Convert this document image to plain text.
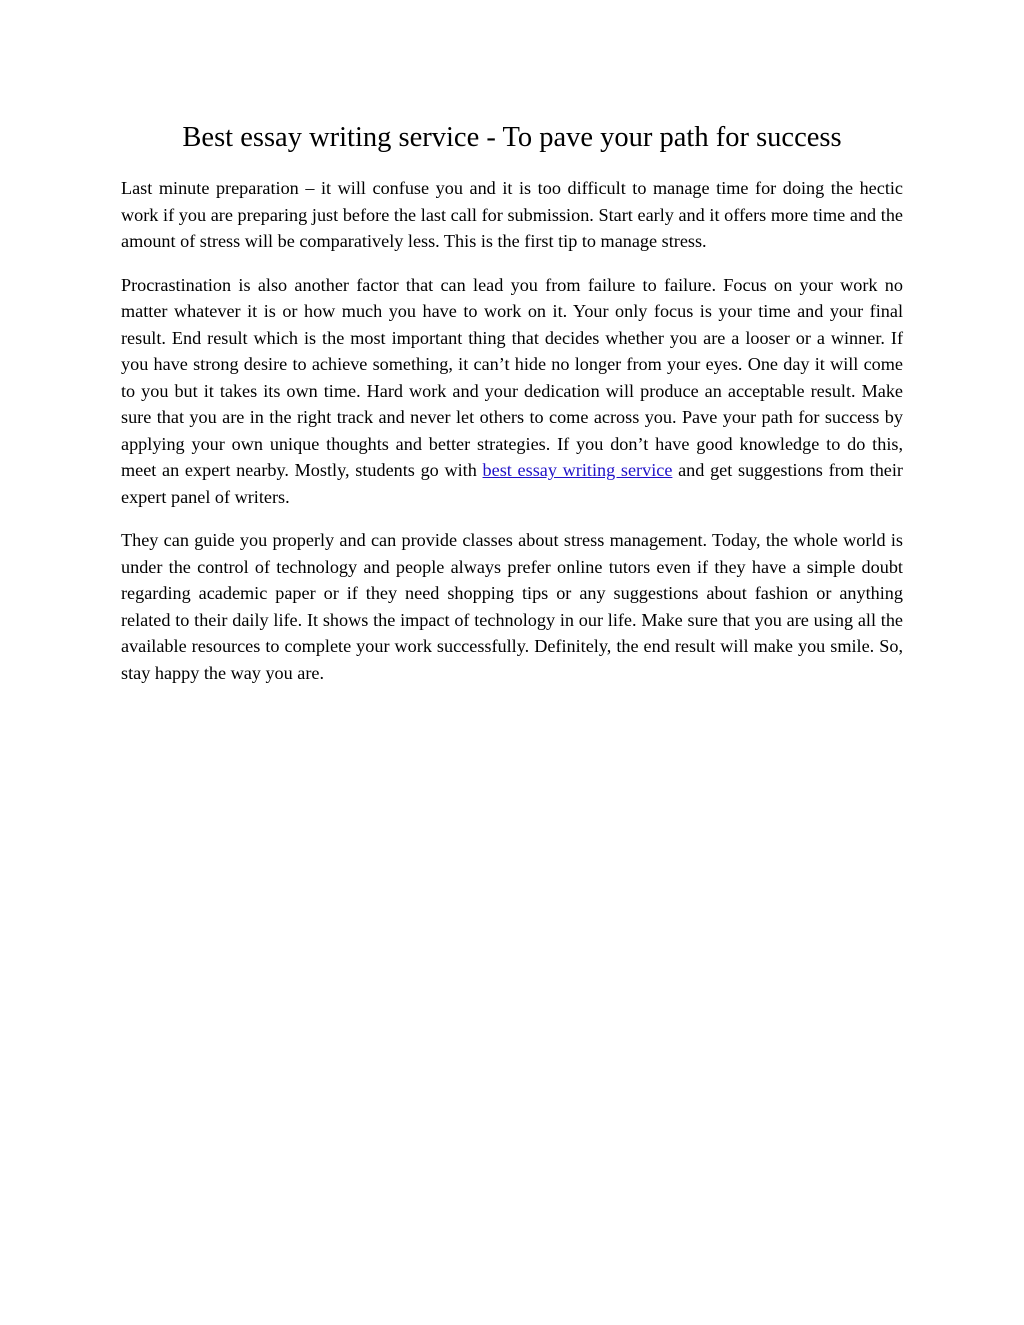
Best essay writing service - To pave your path for success

Last minute preparation – it will confuse you and it is too difficult to manage time for doing the hectic work if you are preparing just before the last call for submission. Start early and it offers more time and the amount of stress will be comparatively less. This is the first tip to manage stress.

Procrastination is also another factor that can lead you from failure to failure. Focus on your work no matter whatever it is or how much you have to work on it. Your only focus is your time and your final result. End result which is the most important thing that decides whether you are a looser or a winner. If you have strong desire to achieve something, it can’t hide no longer from your eyes. One day it will come to you but it takes its own time. Hard work and your dedication will produce an acceptable result. Make sure that you are in the right track and never let others to come across you. Pave your path for success by applying your own unique thoughts and better strategies. If you don’t have good knowledge to do this, meet an expert nearby. Mostly, students go with best essay writing service and get suggestions from their expert panel of writers.

They can guide you properly and can provide classes about stress management. Today, the whole world is under the control of technology and people always prefer online tutors even if they have a simple doubt regarding academic paper or if they need shopping tips or any suggestions about fashion or anything related to their daily life. It shows the impact of technology in our life. Make sure that you are using all the available resources to complete your work successfully. Definitely, the end result will make you smile. So, stay happy the way you are.
